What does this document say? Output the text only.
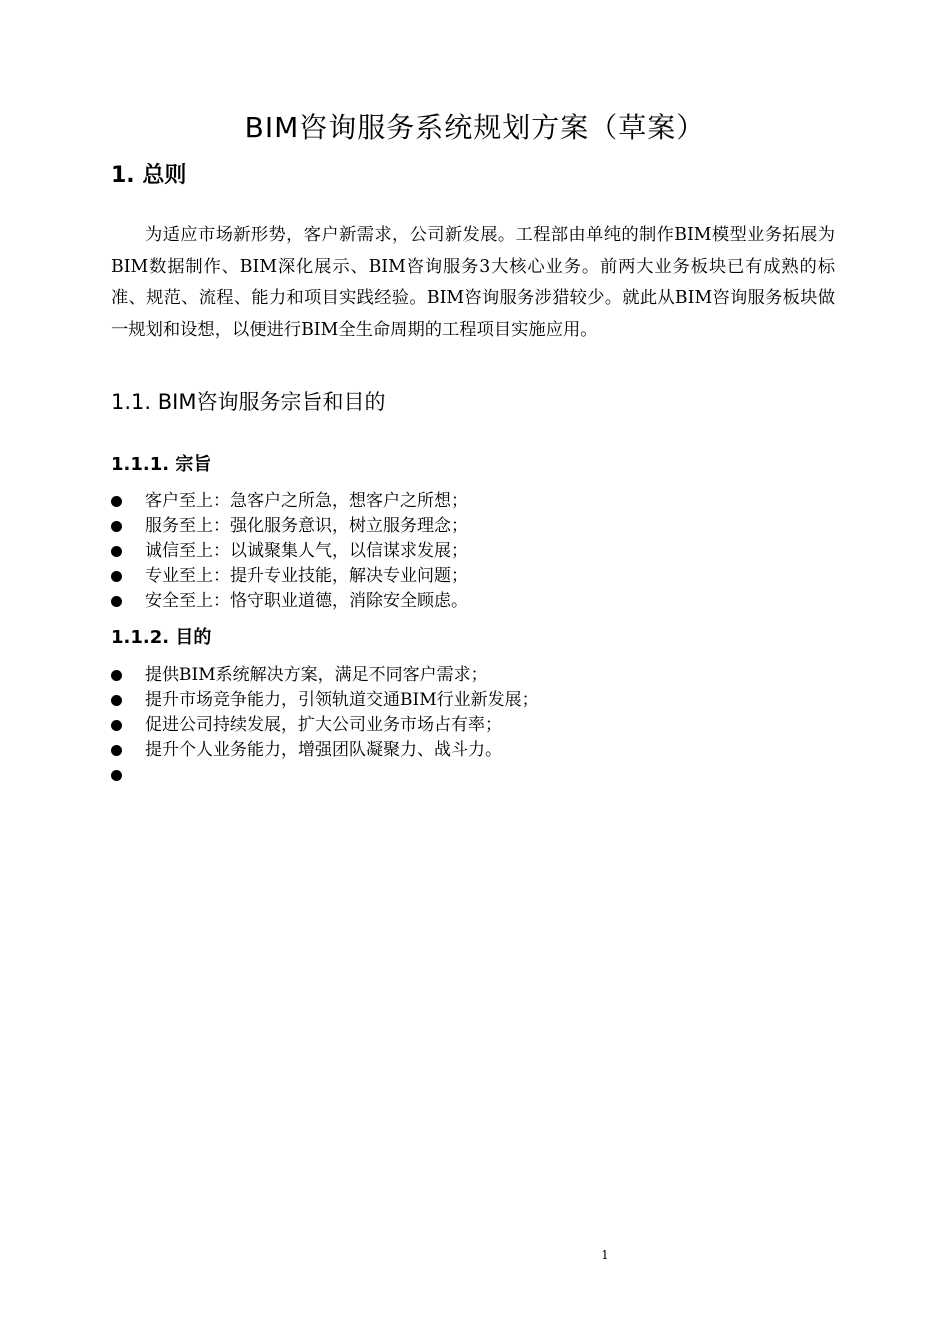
BIM咨询服务系统规划方案（草案）
1. 总则

为适应市场新形势，客户新需求，公司新发展。工程部由单纯的制作BIM模型业务拓展为BIM数据制作、BIM深化展示、BIM咨询服务3大核心业务。前两大业务板块已有成熟的标准、规范、流程、能力和项目实践经验。BIM咨询服务涉猎较少。就此从BIM咨询服务板块做一规划和设想，以便进行BIM全生命周期的工程项目实施应用。

1.1. BIM咨询服务宗旨和目的
1.1.1. 宗旨
客户至上：急客户之所急，想客户之所想；
服务至上：强化服务意识，树立服务理念；
诚信至上：以诚聚集人气，以信谋求发展；
专业至上：提升专业技能，解决专业问题；
安全至上：恪守职业道德，消除安全顾虑。
1.1.2. 目的
提供BIM系统解决方案，满足不同客户需求；
提升市场竞争能力，引领轨道交通BIM行业新发展；
促进公司持续发展，扩大公司业务市场占有率；
提升个人业务能力，增强团队凝聚力、战斗力。
1
